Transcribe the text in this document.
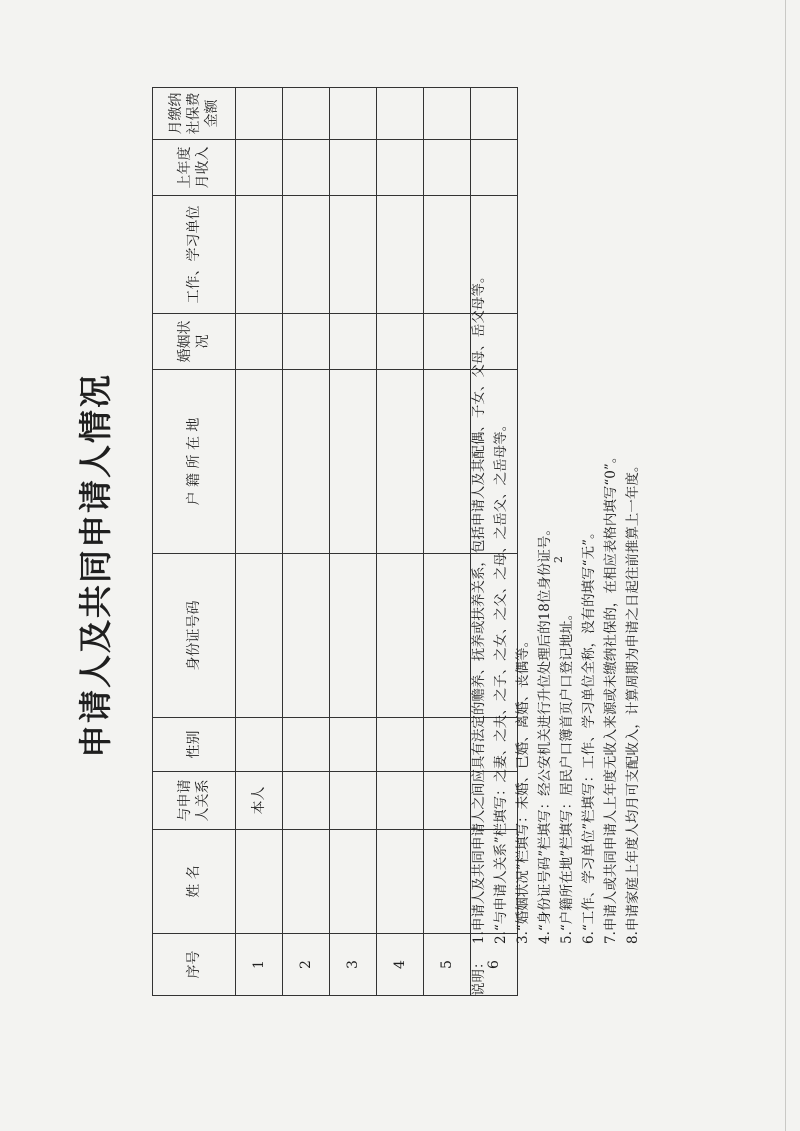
申请人及共同申请人情况
序号	姓 名	与申请人关系	性别	身份证号码	户 籍 所 在 地	婚姻状况	工作、学习单位	上年度月收入	月缴纳社保费金额
1		本人							
2									
3									
4									
5									
6									
说明：
1.申请人及共同申请人之间应具有法定的赡养、抚养或扶养关系，包括申请人及其配偶、子女、父母、岳父母等。 2.“与申请人关系”栏填写：之妻、之夫、之子、之女、之父、之母、之岳父、之岳母等。 3.“婚姻状况”栏填写：未婚、已婚、离婚、丧偶等。 4.“身份证号码”栏填写：经公安机关进行升位处理后的18位身份证号。 5.“户籍所在地”栏填写：居民户口簿首页户口登记地址。 6.“工作、学习单位”栏填写：工作、学习单位全称，没有的填写“无”。 7.申请人或共同申请人上年度无收入来源或未缴纳社保的，在相应表格内填写“0”。 8.申请家庭上年度人均月可支配收入，计算周期为申请之日起往前推算上一年度。
2
